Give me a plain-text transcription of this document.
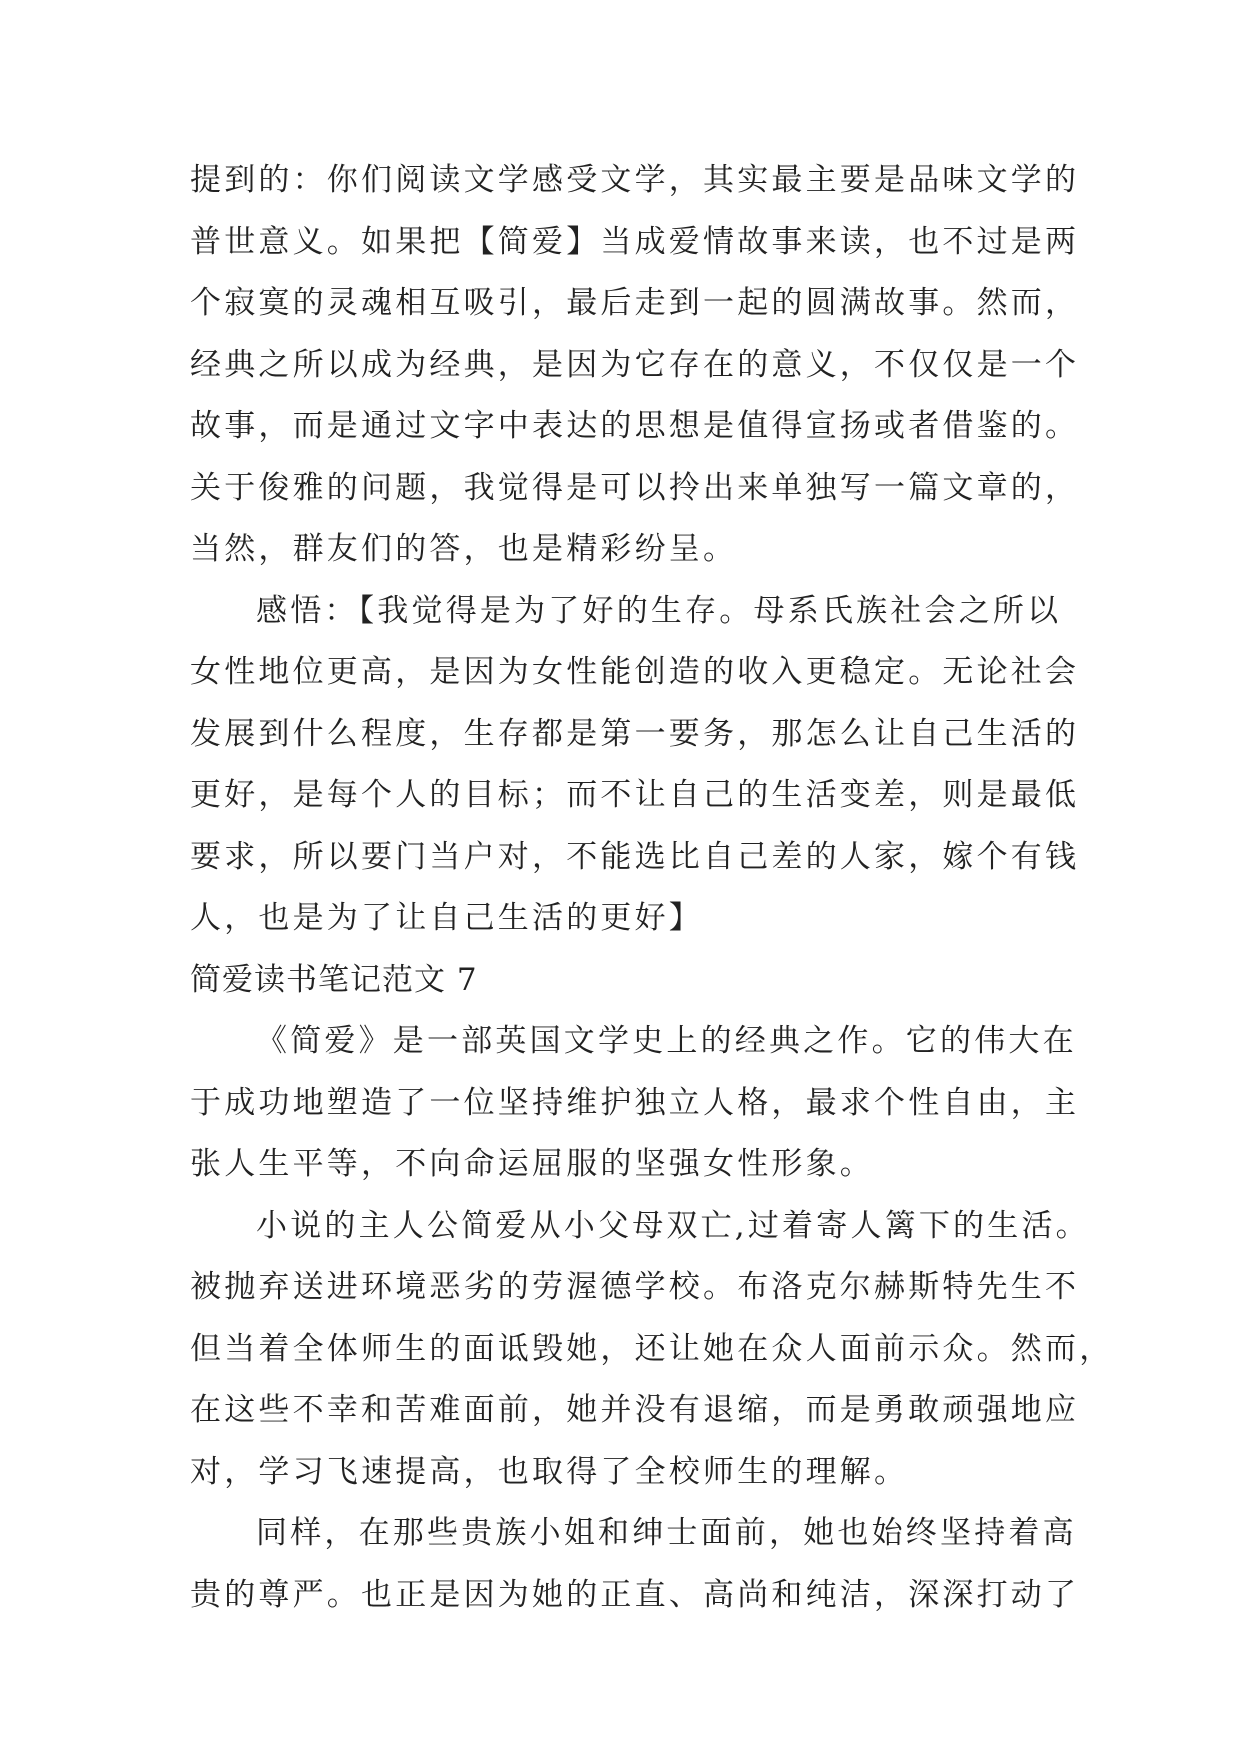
提到的：你们阅读文学感受文学，其实最主要是品味文学的
普世意义。如果把【简爱】当成爱情故事来读，也不过是两
个寂寞的灵魂相互吸引，最后走到一起的圆满故事。然而，
经典之所以成为经典，是因为它存在的意义，不仅仅是一个
故事，而是通过文字中表达的思想是值得宣扬或者借鉴的。
关于俊雅的问题，我觉得是可以拎出来单独写一篇文章的，
当然，群友们的答，也是精彩纷呈。
感悟：【我觉得是为了好的生存。母系氏族社会之所以
女性地位更高，是因为女性能创造的收入更稳定。无论社会
发展到什么程度，生存都是第一要务，那怎么让自己生活的
更好，是每个人的目标；而不让自己的生活变差，则是最低
要求，所以要门当户对，不能选比自己差的人家，嫁个有钱
人，也是为了让自己生活的更好】
简爱读书笔记范文 7
《简爱》是一部英国文学史上的经典之作。它的伟大在
于成功地塑造了一位坚持维护独立人格，最求个性自由，主
张人生平等，不向命运屈服的坚强女性形象。
小说的主人公简爱从小父母双亡,过着寄人篱下的生活。
被抛弃送进环境恶劣的劳渥德学校。布洛克尔赫斯特先生不
但当着全体师生的面诋毁她，还让她在众人面前示众。然而，
在这些不幸和苦难面前，她并没有退缩，而是勇敢顽强地应
对，学习飞速提高，也取得了全校师生的理解。
同样，在那些贵族小姐和绅士面前，她也始终坚持着高
贵的尊严。也正是因为她的正直、高尚和纯洁，深深打动了
